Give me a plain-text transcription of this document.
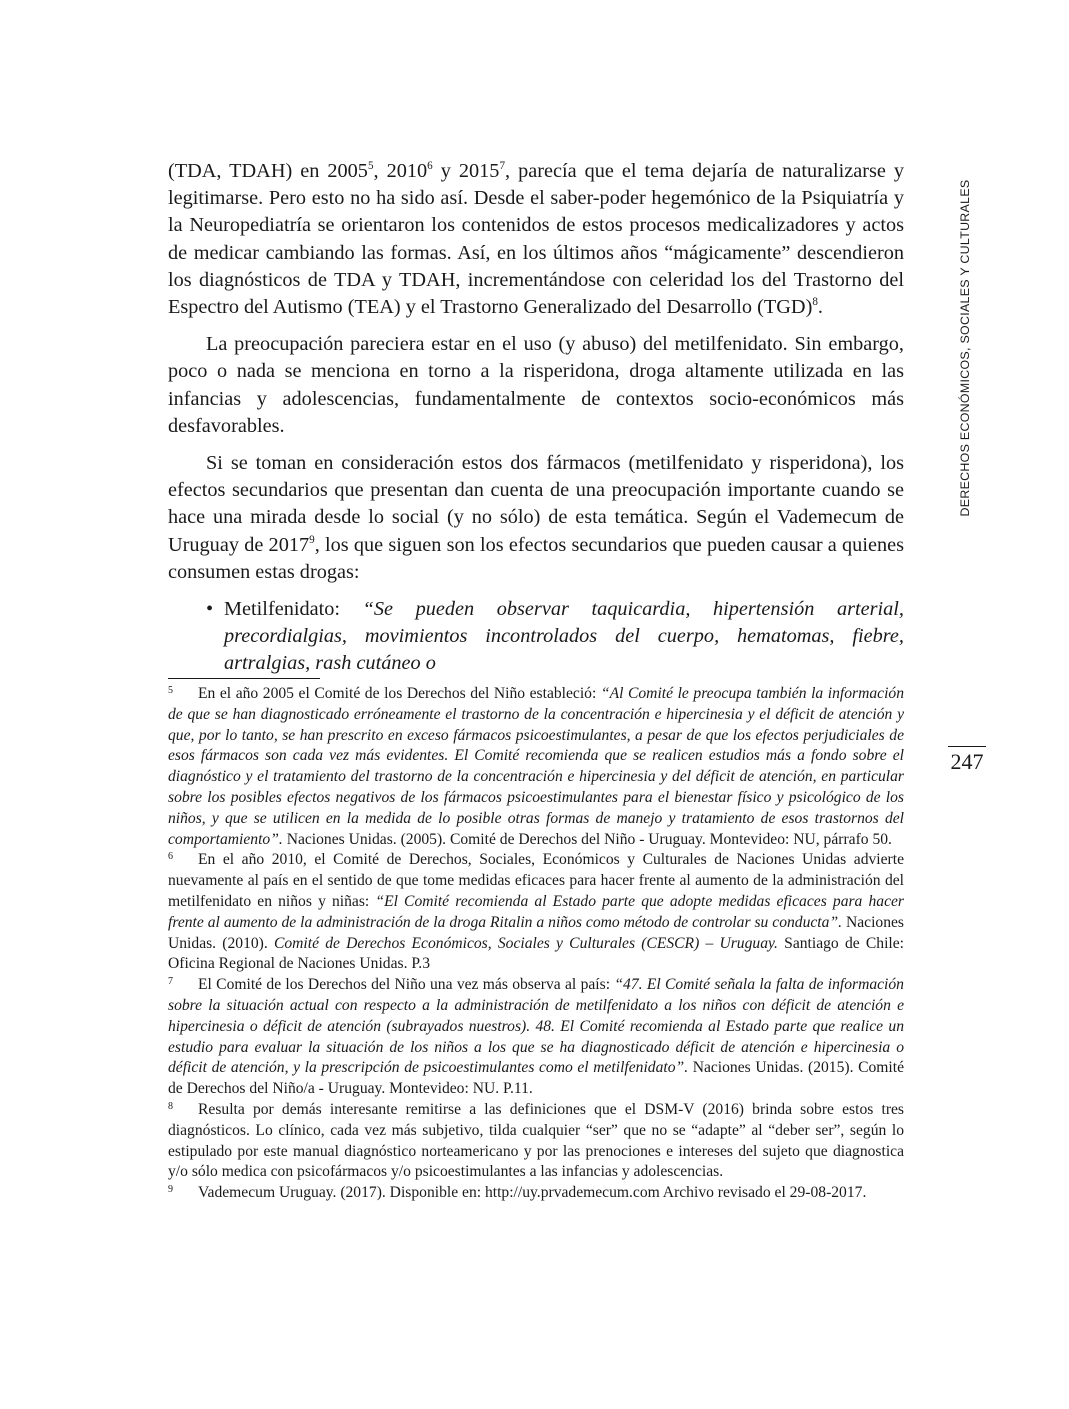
(TDA, TDAH) en 2005$^5$, 2010$^6$ y 2015$^7$, parecía que el tema dejaría de naturalizarse y legitimarse. Pero esto no ha sido así. Desde el saber-poder hegemónico de la Psiquiatría y la Neuropediatría se orientaron los contenidos de estos procesos medicalizadores y actos de medicar cambiando las formas. Así, en los últimos años “mágicamente” descendieron los diagnósticos de TDA y TDAH, incrementándose con celeridad los del Trastorno del Espectro del Autismo (TEA) y el Trastorno Generalizado del Desarrollo (TGD)$^8$.

La preocupación pareciera estar en el uso (y abuso) del metilfenidato. Sin embargo, poco o nada se menciona en torno a la risperidona, droga altamente utilizada en las infancias y adolescencias, fundamentalmente de contextos socio-económicos más desfavorables.

Si se toman en consideración estos dos fármacos (metilfenidato y risperidona), los efectos secundarios que presentan dan cuenta de una preocupación importante cuando se hace una mirada desde lo social (y no sólo) de esta temática. Según el Vademecum de Uruguay de 2017$^9$, los que siguen son los efectos secundarios que pueden causar a quienes consumen estas drogas:

• Metilfenidato: “Se pueden observar taquicardia, hipertensión arterial, precordialgias, movimientos incontrolados del cuerpo, hematomas, fiebre, artralgias, rash cutáneo o

5 En el año 2005 el Comité de los Derechos del Niño estableció: “Al Comité le preocupa también la información de que se han diagnosticado erróneamente el trastorno de la concentración e hipercinesia y el déficit de atención y que, por lo tanto, se han prescrito en exceso fármacos psicoestimulantes, a pesar de que los efectos perjudiciales de esos fármacos son cada vez más evidentes. El Comité recomienda que se realicen estudios más a fondo sobre el diagnóstico y el tratamiento del trastorno de la concentración e hipercinesia y del déficit de atención, en particular sobre los posibles efectos negativos de los fármacos psicoestimulantes para el bienestar físico y psicológico de los niños, y que se utilicen en la medida de lo posible otras formas de manejo y tratamiento de esos trastornos del comportamiento”. Naciones Unidas. (2005). Comité de Derechos del Niño - Uruguay. Montevideo: NU, párrafo 50.

6 En el año 2010, el Comité de Derechos, Sociales, Económicos y Culturales de Naciones Unidas advierte nuevamente al país en el sentido de que tome medidas eficaces para hacer frente al aumento de la administración del metilfenidato en niños y niñas: “El Comité recomienda al Estado parte que adopte medidas eficaces para hacer frente al aumento de la administración de la droga Ritalin a niños como método de controlar su conducta”. Naciones Unidas. (2010). Comité de Derechos Económicos, Sociales y Culturales (CESCR) – Uruguay. Santiago de Chile: Oficina Regional de Naciones Unidas. P.3

7 El Comité de los Derechos del Niño una vez más observa al país: “47. El Comité señala la falta de información sobre la situación actual con respecto a la administración de metilfenidato a los niños con déficit de atención e hipercinesia o déficit de atención (subrayados nuestros). 48. El Comité recomienda al Estado parte que realice un estudio para evaluar la situación de los niños a los que se ha diagnosticado déficit de atención e hipercinesia o déficit de atención, y la prescripción de psicoestimulantes como el metilfenidato”. Naciones Unidas. (2015). Comité de Derechos del Niño/a - Uruguay. Montevideo: NU. P.11.

8 Resulta por demás interesante remitirse a las definiciones que el DSM-V (2016) brinda sobre estos tres diagnósticos. Lo clínico, cada vez más subjetivo, tilda cualquier “ser” que no se “adapte” al “deber ser”, según lo estipulado por este manual diagnóstico norteamericano y por las prenociones e intereses del sujeto que diagnostica y/o sólo medica con psicofármacos y/o psicoestimulantes a las infancias y adolescencias.

9 Vademecum Uruguay. (2017). Disponible en: http://uy.prvademecum.com Archivo revisado el 29-08-2017.

DERECHOS ECONÓMICOS, SOCIALES Y CULTURALES
247
